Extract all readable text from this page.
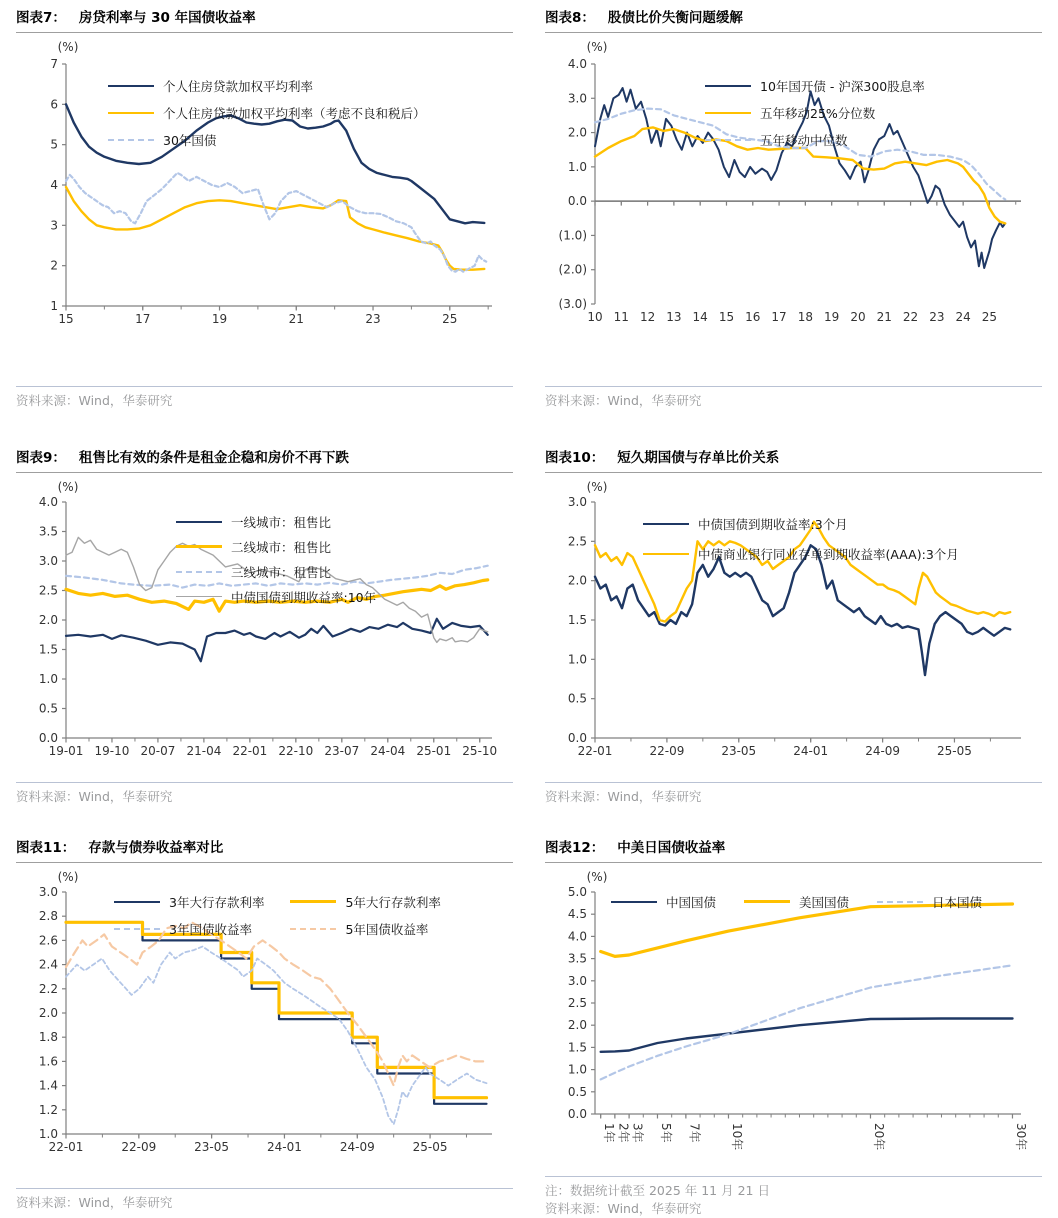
图表7： 房贷利率与 30 年国债收益率
个人住房贷款加权平均利率
个人住房贷款加权平均利率（考虑不良和税后）
30年国债
1
2
3
4
5
6
7
15	17	19	21	23	25
(%)
资料来源：Wind，华泰研究
图表8： 股债比价失衡问题缓解
10年国开债 - 沪深300股息率
五年移动25%分位数
五年移动中位数
(3.0)
(2.0)
(1.0)
0.0
1.0
2.0
3.0
4.0
10 11 12 13 14 15 16 17 18 19 20 21 22 23 24 25
(%)
资料来源：Wind，华泰研究
图表9： 租售比有效的条件是租金企稳和房价不再下跌
一线城市：租售比
二线城市：租售比
三线城市：租售比
中债国债到期收益率:10年
0.0
0.5
1.0
1.5
2.0
2.5
3.0
3.5
4.0
19-01 19-10 20-07 21-04 22-01 22-10 23-07 24-04 25-01 25-10
(%)
资料来源：Wind，华泰研究
图表10： 短久期国债与存单比价关系
中债国债到期收益率:3个月
中债商业银行同业存单到期收益率(AAA):3个月
0.0
0.5
1.0
1.5
2.0
2.5
3.0
22-01	22-09	23-05	24-01	24-09	25-05
(%)
资料来源：Wind，华泰研究
图表11： 存款与债券收益率对比
3年大行存款利率	5年大行存款利率
3年国债收益率	5年国债收益率
1.0
1.2
1.4
1.6
1.8
2.0
2.2
2.4
2.6
2.8
3.0
22-01	22-09	23-05	24-01	24-09	25-05
(%)
资料来源：Wind，华泰研究
图表12： 中美日国债收益率
中国国债	美国国债	日本国债
0.0
0.5
1.0
1.5
2.0
2.5
3.0
3.5
4.0
4.5
5.0
1年 2年 3年 5年 7年 10年	20年	30年
(%)
注：数据统计截至 2025 年 11 月 21 日
资料来源：Wind，华泰研究
